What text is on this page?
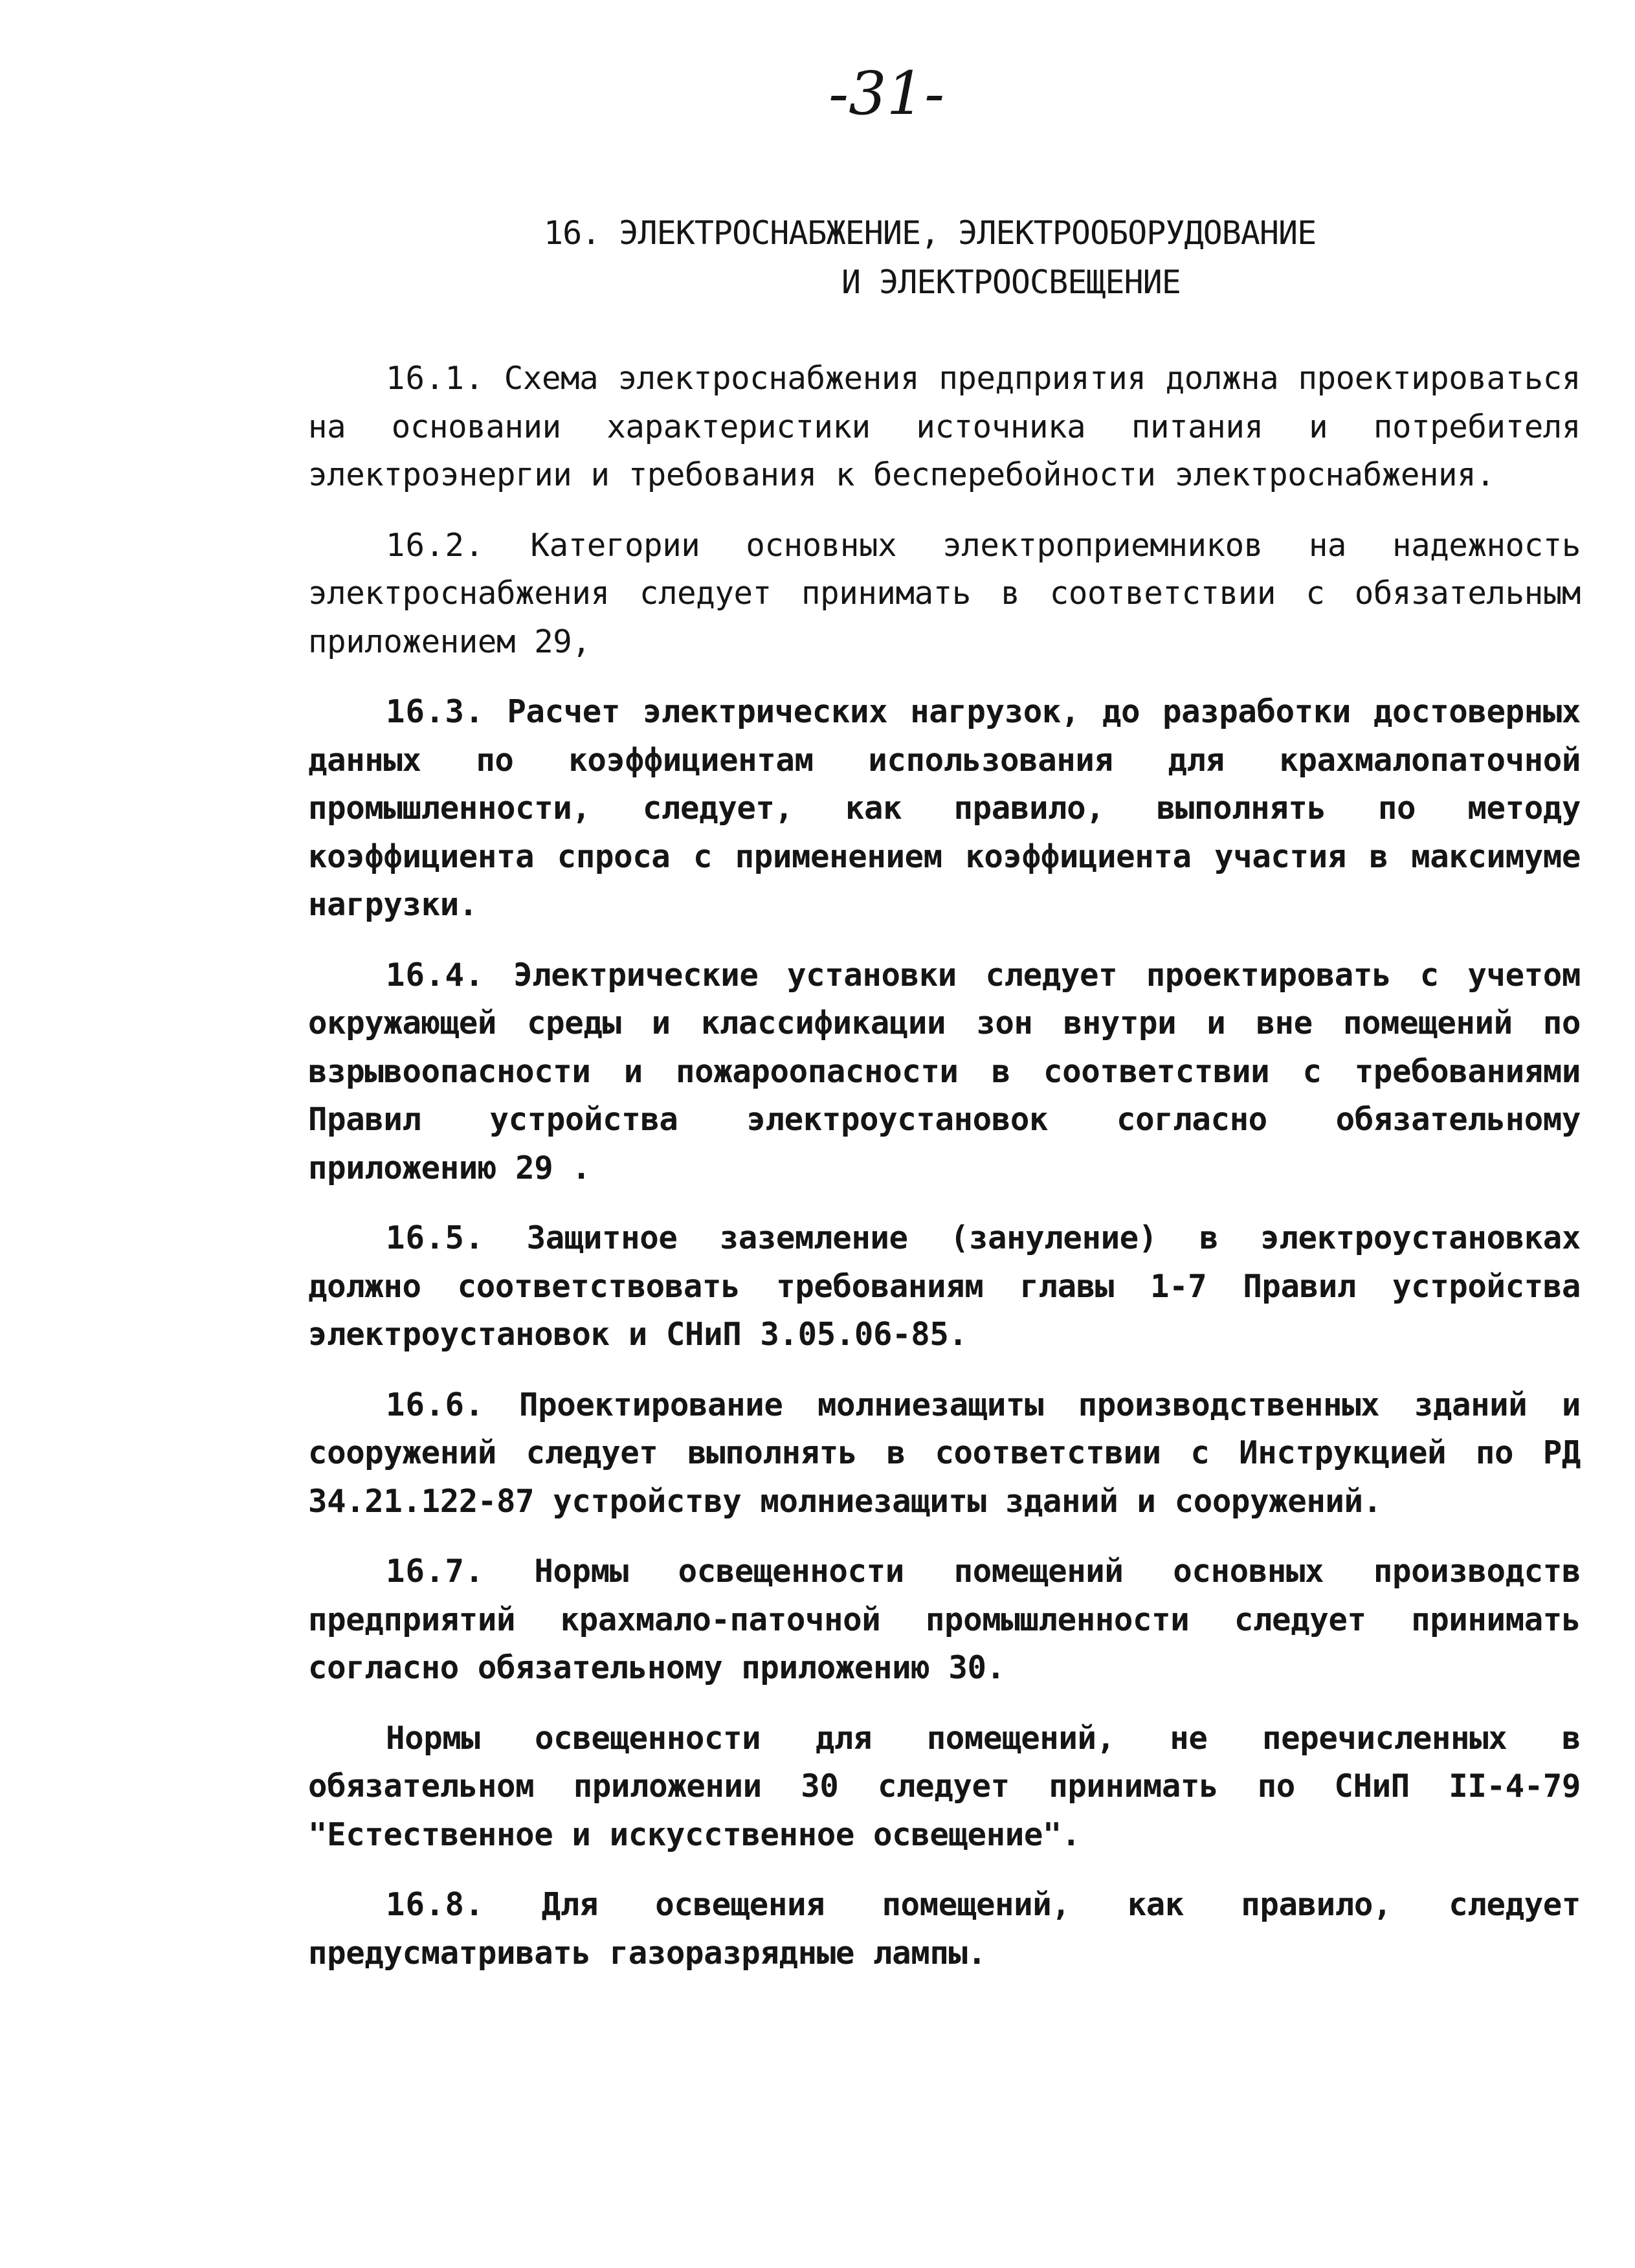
-31-
16. ЭЛЕКТРОСНАБЖЕНИЕ, ЭЛЕКТРООБОРУДОВАНИЕ
И ЭЛЕКТРООСВЕЩЕНИЕ

16.1. Схема электроснабжения предприятия должна проектироваться на основании характеристики источника питания и потребителя электроэнергии и требования к бесперебойности электроснабжения.

16.2. Категории основных электроприемников на надежность электроснабжения следует принимать в соответствии с обязательным приложением 29,

16.3. Расчет электрических нагрузок, до разработки достоверных данных по коэффициентам использования для крахмалопаточной промышленности, следует, как правило, выполнять по методу коэффициента спроса с применением коэффициента участия в максимуме нагрузки.

16.4. Электрические установки следует проектировать с учетом окружающей среды и классификации зон внутри и вне помещений по взрывоопасности и пожароопасности в соответствии с требованиями Правил устройства электроустановок согласно обязательному приложению 29 .

16.5. Защитное заземление (зануление) в электроустановках должно соответствовать требованиям главы 1-7 Правил устройства электроустановок и СНиП 3.05.06-85.

16.6. Проектирование молниезащиты производственных зданий и сооружений следует выполнять в соответствии с Инструкцией по РД 34.21.122-87 устройству молниезащиты зданий и сооружений.

16.7. Нормы освещенности помещений основных производств предприятий крахмало-паточной промышленности следует принимать согласно обязательному приложению 30.

Нормы освещенности для помещений, не перечисленных в обязательном приложении 30 следует принимать по СНиП II-4-79 "Естественное и искусственное освещение".

16.8. Для освещения помещений, как правило, следует предусматривать газоразрядные лампы.
